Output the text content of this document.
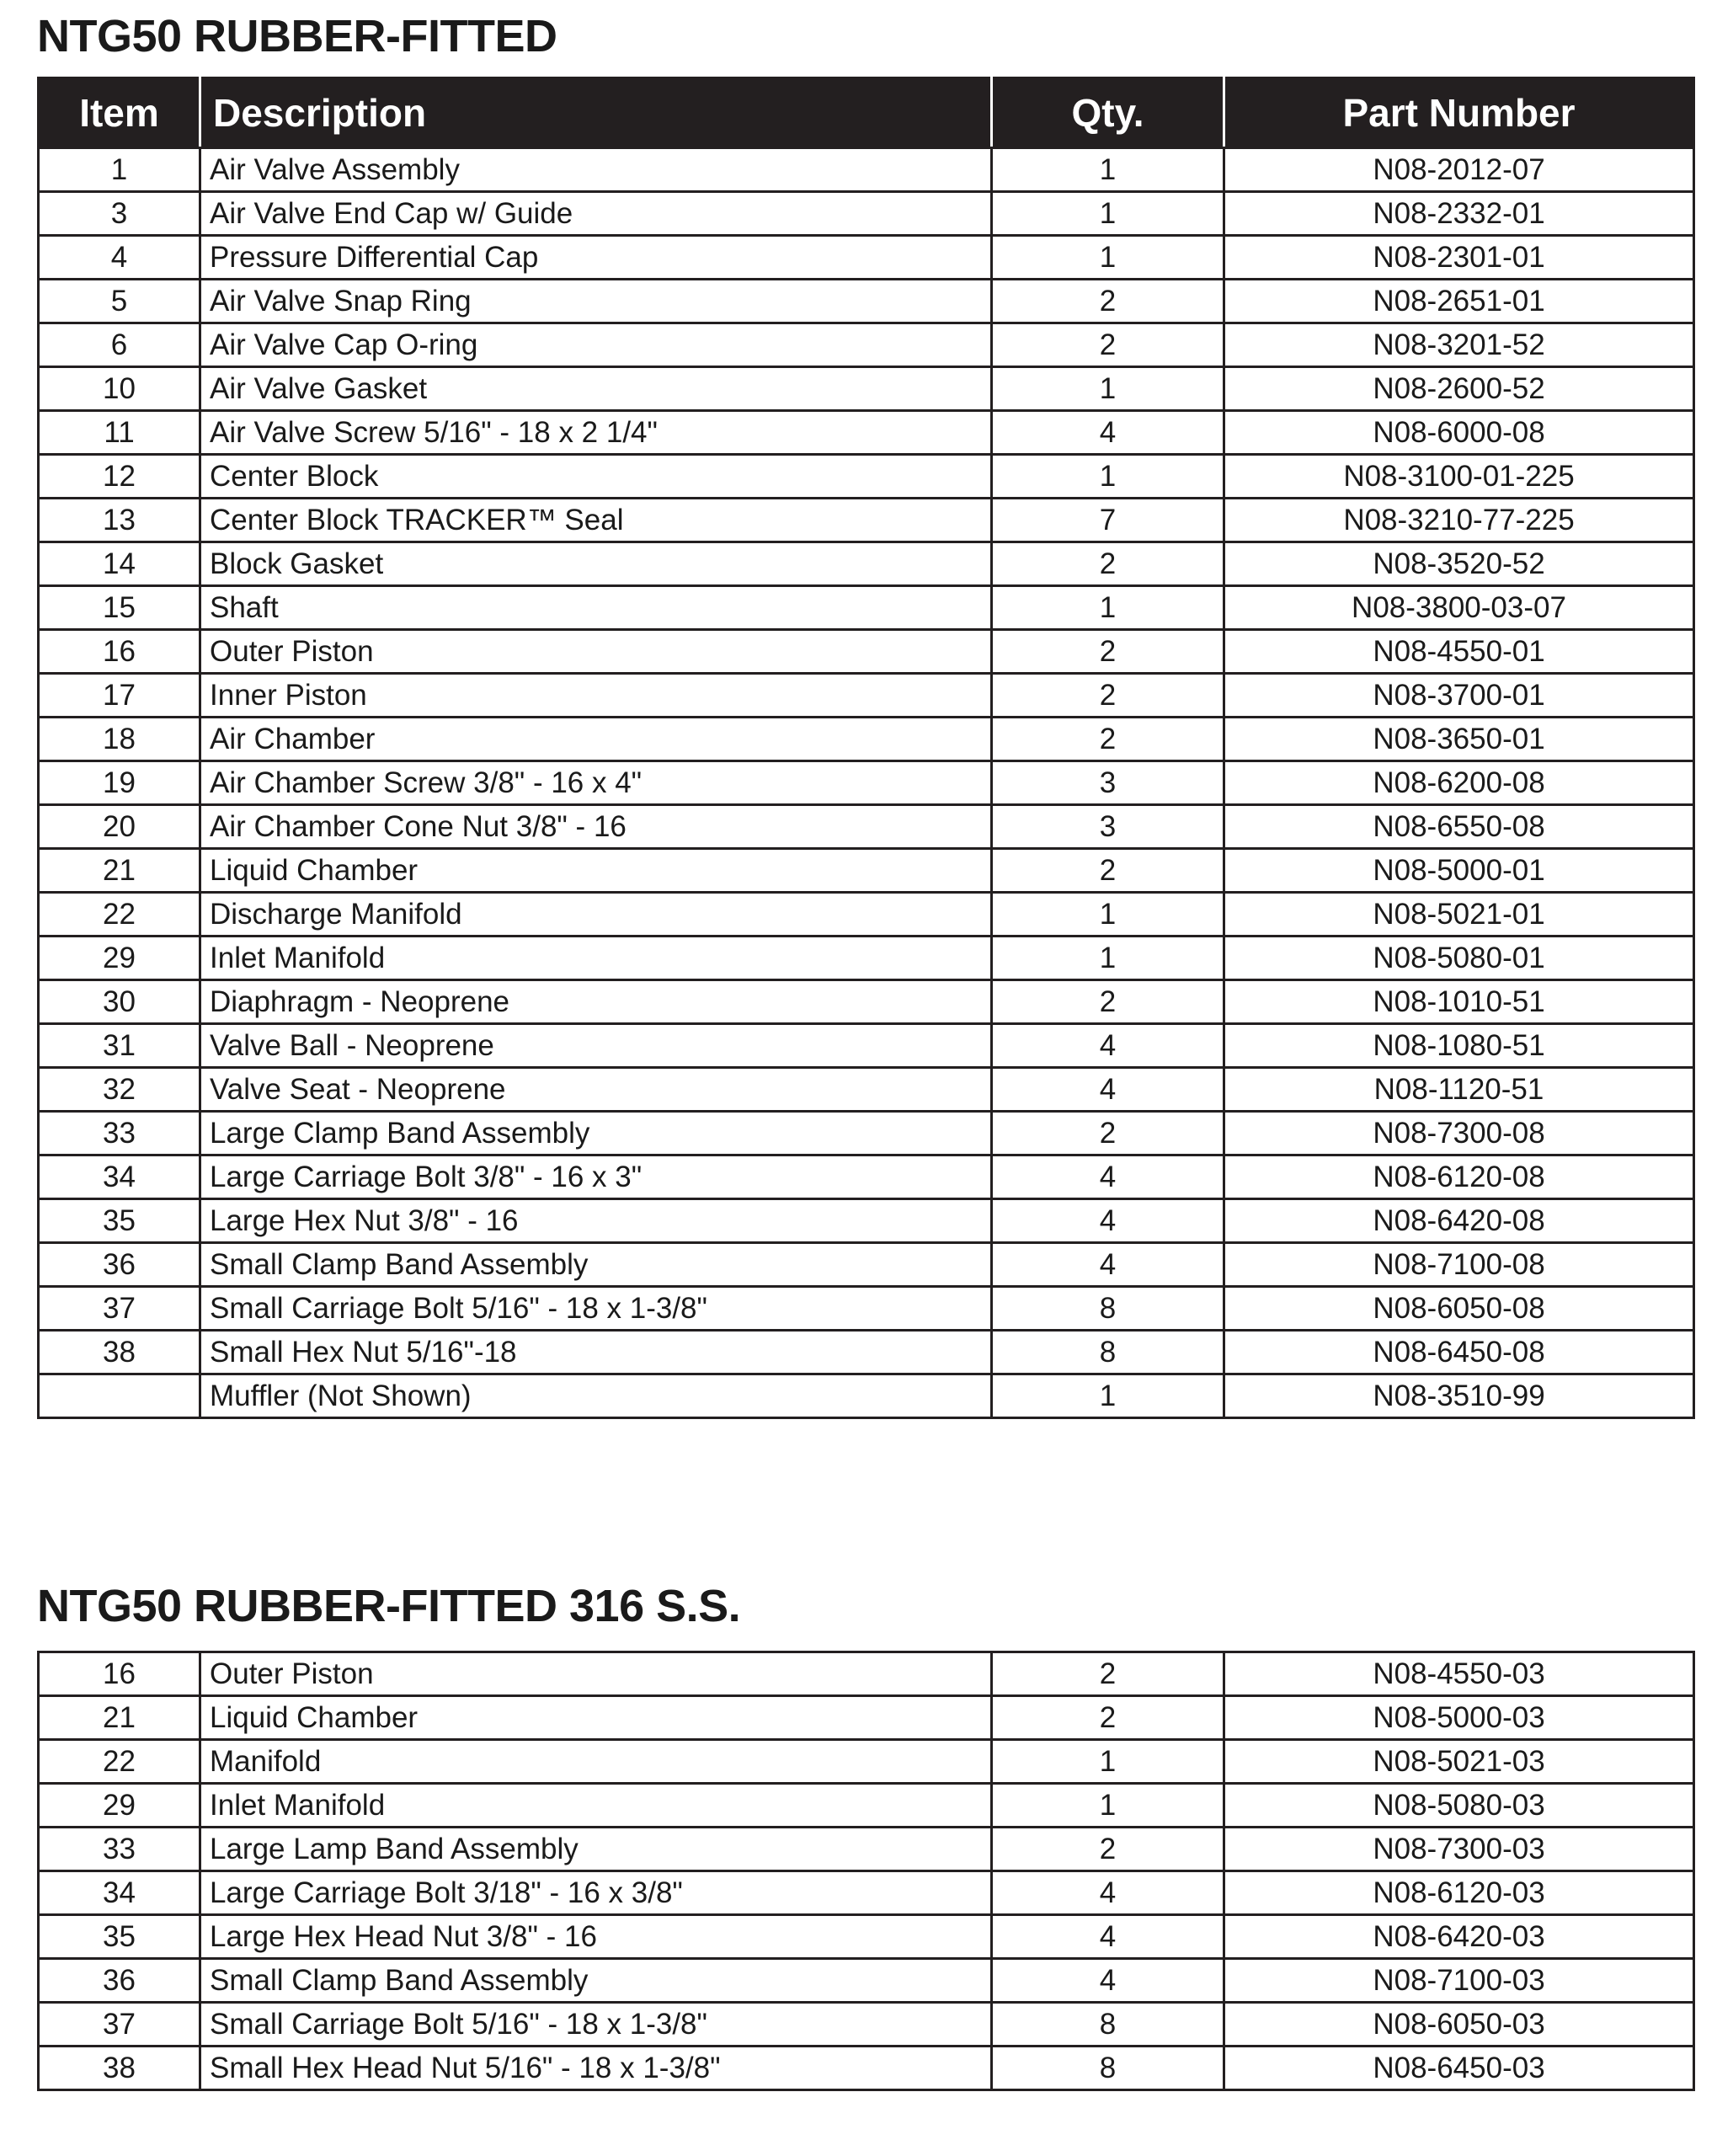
NTG50 RUBBER-FITTED
Item	Description	Qty.	Part Number
1	Air Valve Assembly	1	N08-2012-07
3	Air Valve End Cap w/ Guide	1	N08-2332-01
4	Pressure Differential Cap	1	N08-2301-01
5	Air Valve Snap Ring	2	N08-2651-01
6	Air Valve Cap O-ring	2	N08-3201-52
10	Air Valve Gasket	1	N08-2600-52
11	Air Valve Screw 5/16" - 18 x 2 1/4"	4	N08-6000-08
12	Center Block	1	N08-3100-01-225
13	Center Block TRACKER™ Seal	7	N08-3210-77-225
14	Block Gasket	2	N08-3520-52
15	Shaft	1	N08-3800-03-07
16	Outer Piston	2	N08-4550-01
17	Inner Piston	2	N08-3700-01
18	Air Chamber	2	N08-3650-01
19	Air Chamber Screw 3/8" - 16 x 4"	3	N08-6200-08
20	Air Chamber Cone Nut 3/8" - 16	3	N08-6550-08
21	Liquid Chamber	2	N08-5000-01
22	Discharge Manifold	1	N08-5021-01
29	Inlet Manifold	1	N08-5080-01
30	Diaphragm - Neoprene	2	N08-1010-51
31	Valve Ball - Neoprene	4	N08-1080-51
32	Valve Seat - Neoprene	4	N08-1120-51
33	Large Clamp Band Assembly	2	N08-7300-08
34	Large Carriage Bolt 3/8" - 16 x 3"	4	N08-6120-08
35	Large Hex Nut 3/8" - 16	4	N08-6420-08
36	Small Clamp Band Assembly	4	N08-7100-08
37	Small Carriage Bolt 5/16" - 18 x 1-3/8"	8	N08-6050-08
38	Small Hex Nut 5/16"-18	8	N08-6450-08
	Muffler (Not Shown)	1	N08-3510-99
NTG50 RUBBER-FITTED 316 S.S.
16	Outer Piston	2	N08-4550-03
21	Liquid Chamber	2	N08-5000-03
22	Manifold	1	N08-5021-03
29	Inlet Manifold	1	N08-5080-03
33	Large Lamp Band Assembly	2	N08-7300-03
34	Large Carriage Bolt 3/18" - 16 x 3/8"	4	N08-6120-03
35	Large Hex Head Nut 3/8" - 16	4	N08-6420-03
36	Small Clamp Band Assembly	4	N08-7100-03
37	Small Carriage Bolt 5/16" - 18 x 1-3/8"	8	N08-6050-03
38	Small Hex Head Nut 5/16" - 18 x 1-3/8"	8	N08-6450-03
